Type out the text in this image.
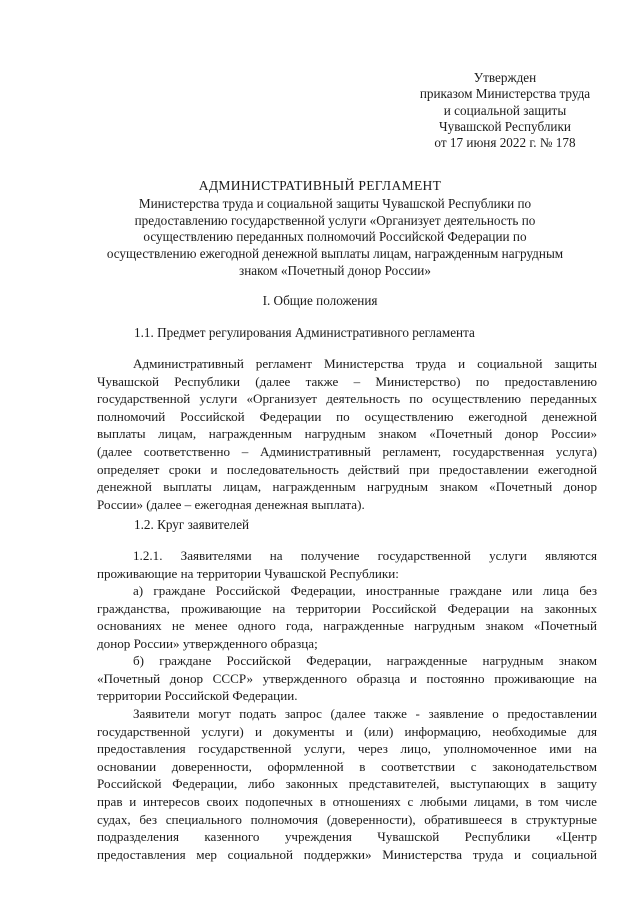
Утвержден
приказом Министерства труда
и социальной защиты
Чувашской Республики
от 17 июня 2022 г. № 178
АДМИНИСТРАТИВНЫЙ РЕГЛАМЕНТ
Министерства труда и социальной защиты Чувашской Республики по
предоставлению государственной услуги «Организует деятельность по
осуществлению переданных полномочий Российской Федерации по
осуществлению ежегодной денежной выплаты лицам, награжденным нагрудным
знаком «Почетный донор России»
I. Общие положения
1.1. Предмет регулирования Административного регламента
Административный регламент Министерства труда и социальной защиты
Чувашской Республики (далее также – Министерство) по предоставлению
государственной услуги «Организует деятельность по осуществлению переданных
полномочий Российской Федерации по осуществлению ежегодной денежной
выплаты лицам, награжденным нагрудным знаком «Почетный донор России»
(далее соответственно – Административный регламент, государственная услуга)
определяет сроки и последовательность действий при предоставлении ежегодной
денежной выплаты лицам, награжденным нагрудным знаком «Почетный донор
России» (далее – ежегодная денежная выплата).
1.2. Круг заявителей
1.2.1. Заявителями на получение государственной услуги являются
проживающие на территории Чувашской Республики:
а) граждане Российской Федерации, иностранные граждане или лица без
гражданства, проживающие на территории Российской Федерации на законных
основаниях не менее одного года, награжденные нагрудным знаком «Почетный
донор России» утвержденного образца;
б) граждане Российской Федерации, награжденные нагрудным знаком
«Почетный донор СССР» утвержденного образца и постоянно проживающие на
территории Российской Федерации.
Заявители могут подать запрос (далее также - заявление о предоставлении
государственной услуги) и документы и (или) информацию, необходимые для
предоставления государственной услуги, через лицо, уполномоченное ими на
основании доверенности, оформленной в соответствии с законодательством
Российской Федерации, либо законных представителей, выступающих в защиту
прав и интересов своих подопечных в отношениях с любыми лицами, в том числе
судах, без специального полномочия (доверенности), обратившееся в структурные
подразделения казенного учреждения Чувашской Республики «Центр
предоставления мер социальной поддержки» Министерства труда и социальной
